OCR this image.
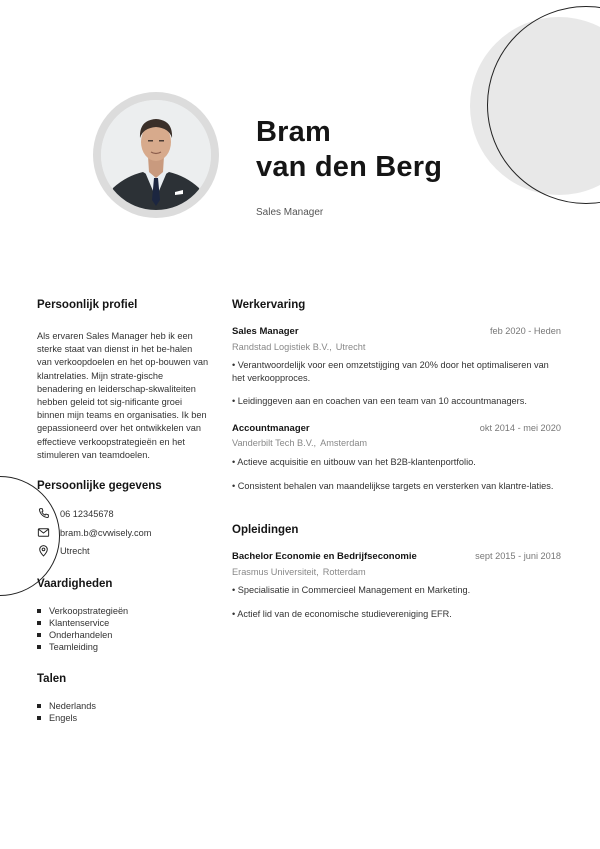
Bram
van den Berg
Sales Manager
Persoonlijk profiel

Als ervaren Sales Manager heb ik een sterke staat van dienst in het be-halen van verkoopdoelen en het op-bouwen van klantrelaties. Mijn strate-gische benadering en leiderschap-skwaliteiten hebben geleid tot sig-nificante groei binnen mijn teams en organisaties. Ik ben gepassioneerd over het ontwikkelen van effectieve verkoopstrategieën en het stimuleren van teamdoelen.

Persoonlijke gegevens
06 12345678
bram.b@cvwisely.com
Utrecht
Vaardigheden
Verkoopstrategieën
Klantenservice
Onderhandelen
Teamleiding
Talen
Nederlands
Engels
Werkervaring
Sales Manager	feb 2020 - Heden
Randstad Logistiek B.V., Utrecht

• Verantwoordelijk voor een omzetstijging van 20% door het optimaliseren van het verkoopproces.

• Leidinggeven aan en coachen van een team van 10 accountmanagers.

Accountmanager	okt 2014 - mei 2020
Vanderbilt Tech B.V., Amsterdam

• Actieve acquisitie en uitbouw van het B2B-klantenportfolio.

• Consistent behalen van maandelijkse targets en versterken van klantre-laties.

Opleidingen
Bachelor Economie en Bedrijfseconomie	sept 2015 - juni 2018
Erasmus Universiteit, Rotterdam

• Specialisatie in Commercieel Management en Marketing.

• Actief lid van de economische studievereniging EFR.
